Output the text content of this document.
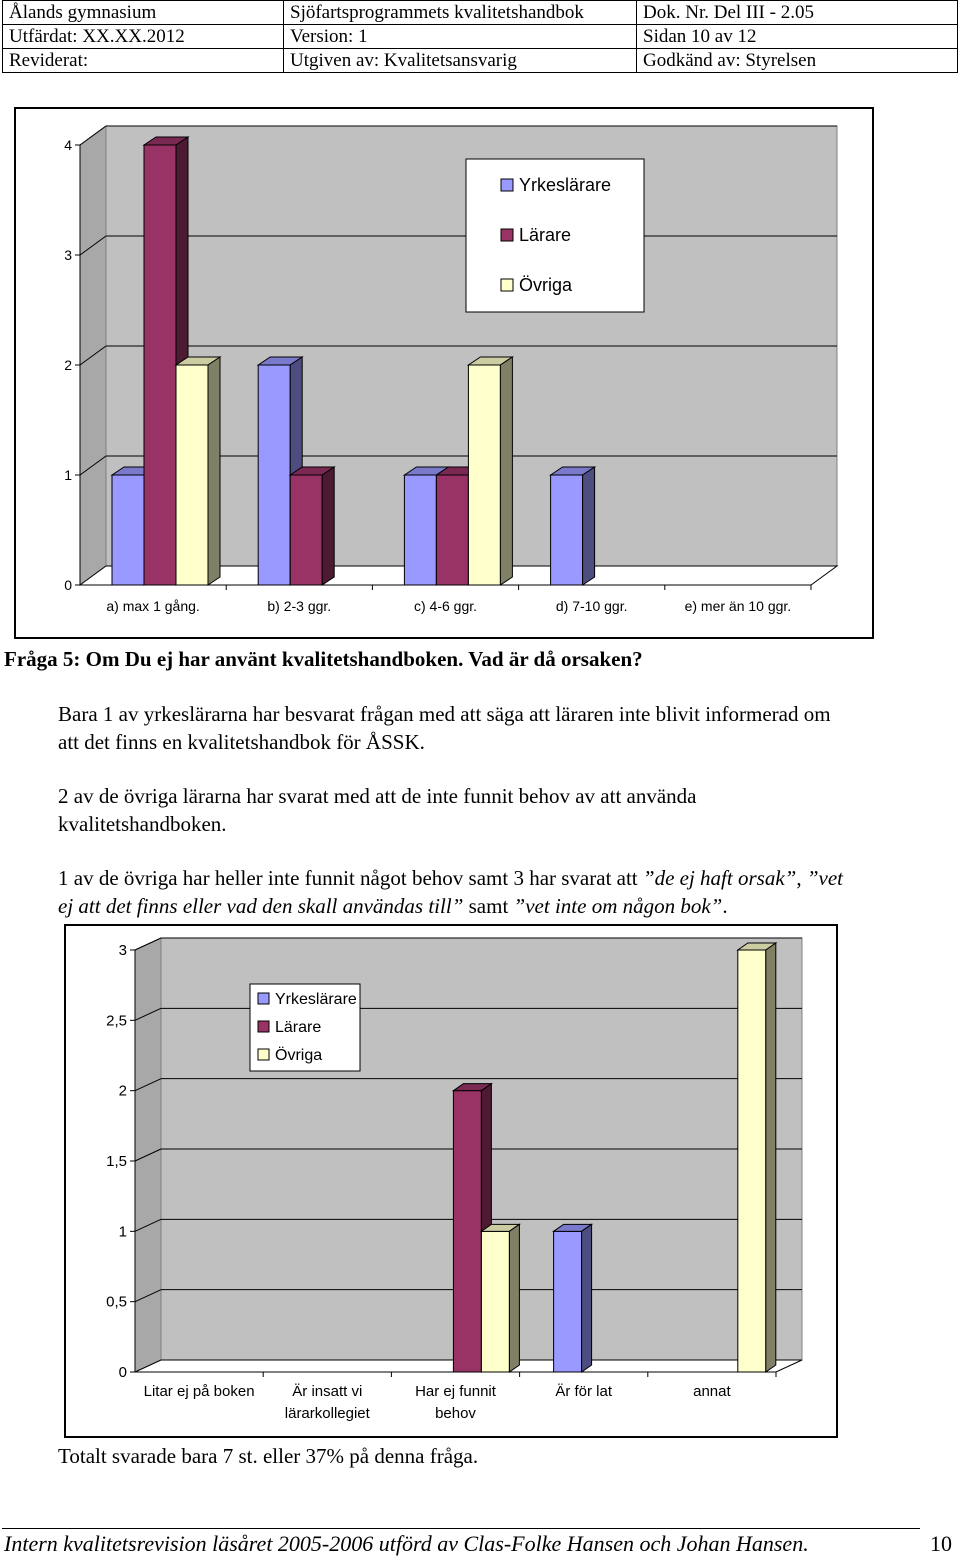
Ålands gymnasium	Sjöfartsprogrammets kvalitetshandbok	Dok. Nr. Del III - 2.05
Utfärdat: XX.XX.2012	Version: 1	Sidan 10 av 12
Reviderat:	Utgiven av: Kvalitetsansvarig	Godkänd av: Styrelsen
0
1
2
3
4
a) max 1 gång.	b) 2-3 ggr.	c) 4-6 ggr.	d) 7-10 ggr.	e) mer än 10 ggr.
Yrkeslärare
Lärare
Övriga
Fråga 5: Om Du ej har använt kvalitetshandboken. Vad är då orsaken?
Bara 1 av yrkeslärarna har besvarat frågan med att säga att läraren inte blivit informerad om
att det finns en kvalitetshandbok för ÅSSK.
2 av de övriga lärarna har svarat med att de inte funnit behov av att använda
kvalitetshandboken.
1 av de övriga har heller inte funnit något behov samt 3 har svarat att ”de ej haft orsak”, ”vet
ej att det finns eller vad den skall användas till” samt ”vet inte om någon bok”.
0
0,5
1
1,5
2
2,5
3
Litar ej på boken	Är insatt vi
lärarkollegiet
Har ej funnit
behov
Är för lat	annat
Yrkeslärare
Lärare
Övriga
Totalt svarade bara 7 st. eller 37% på denna fråga.
Intern kvalitetsrevision läsåret 2005-2006 utförd av Clas-Folke Hansen och Johan Hansen.	10
